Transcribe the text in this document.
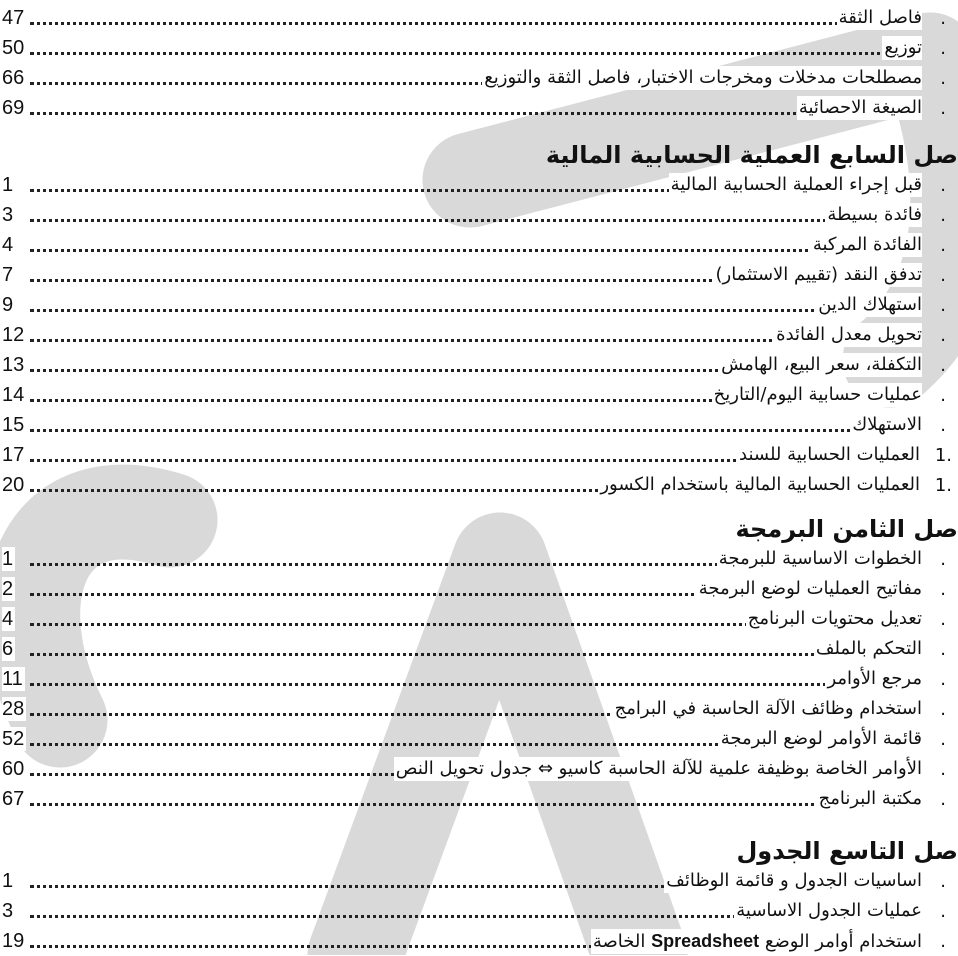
.
فاصل الثقة
47
.
توزيع
50
.
مصطلحات مدخلات ومخرجات الاختبار، فاصل الثقة والتوزيع
66
.
الصيغة الاحصائية
69
صل السابع العملية الحسابية المالية
.
قبل إجراء العملية الحسابية المالية
1
.
فائدة بسيطة
3
.
الفائدة المركبة
4
.
تدفق النقد (تقييم الاستثمار)
7
.
استهلاك الدين
9
.
تحويل معدل الفائدة
12
.
التكفلة، سعر البيع، الهامش
13
.
عمليات حسابية اليوم/التاريخ
14
.
الاستهلاك
15
1.
العمليات الحسابية للسند
17
1.
العمليات الحسابية المالية باستخدام الكسور
20
صل الثامن البرمجة
.
الخطوات الاساسية للبرمجة
1
.
مفاتيح العمليات لوضع البرمجة
2
.
تعديل محتويات البرنامج
4
.
التحكم بالملف
6
.
مرجع الأوامر
11
.
استخدام وظائف الآلة الحاسبة في البرامج
28
.
قائمة الأوامر لوضع البرمجة
52
.
الأوامر الخاصة بوظيفة علمية للآلة الحاسبة كاسيو ⇔ جدول تحويل النص
60
.
مكتبة البرنامج
67
صل التاسع الجدول
.
اساسيات الجدول و قائمة الوظائف
1
.
عمليات الجدول الاساسية
3
.
استخدام أوامر الوضع Spreadsheet الخاصة
19
